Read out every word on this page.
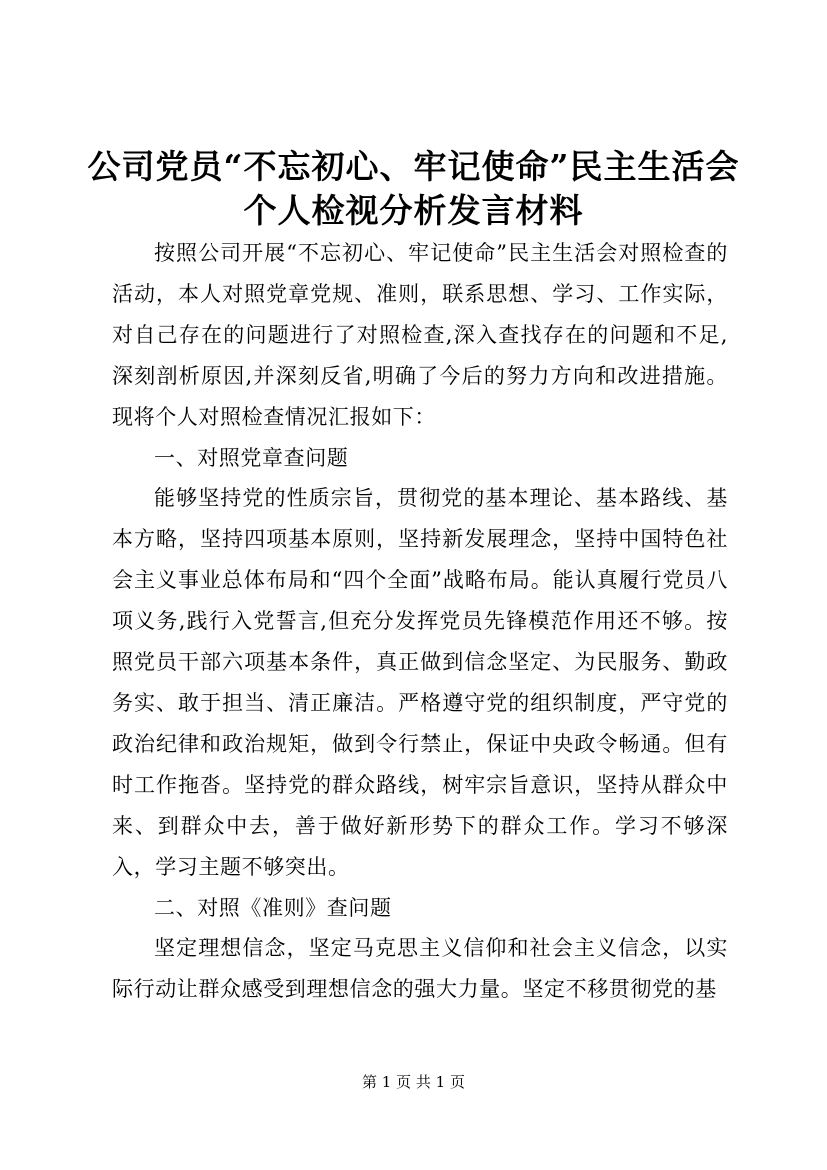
公司党员“不忘初心、牢记使命”民主生活会
个人检视分析发言材料

按照公司开展“不忘初心、牢记使命”民主生活会对照检查的活动，本人对照党章党规、准则，联系思想、学习、工作实际，对自己存在的问题进行了对照检查,深入查找存在的问题和不足,深刻剖析原因,并深刻反省,明确了今后的努力方向和改进措施。现将个人对照检查情况汇报如下：

一、对照党章查问题

能够坚持党的性质宗旨，贯彻党的基本理论、基本路线、基本方略，坚持四项基本原则，坚持新发展理念，坚持中国特色社会主义事业总体布局和“四个全面”战略布局。能认真履行党员八项义务,践行入党誓言,但充分发挥党员先锋模范作用还不够。按照党员干部六项基本条件，真正做到信念坚定、为民服务、勤政务实、敢于担当、清正廉洁。严格遵守党的组织制度，严守党的政治纪律和政治规矩，做到令行禁止，保证中央政令畅通。但有时工作拖沓。坚持党的群众路线，树牢宗旨意识，坚持从群众中来、到群众中去，善于做好新形势下的群众工作。学习不够深入，学习主题不够突出。

二、对照《准则》查问题

坚定理想信念，坚定马克思主义信仰和社会主义信念，以实际行动让群众感受到理想信念的强大力量。坚定不移贯彻党的基

第 1 页 共 1 页
